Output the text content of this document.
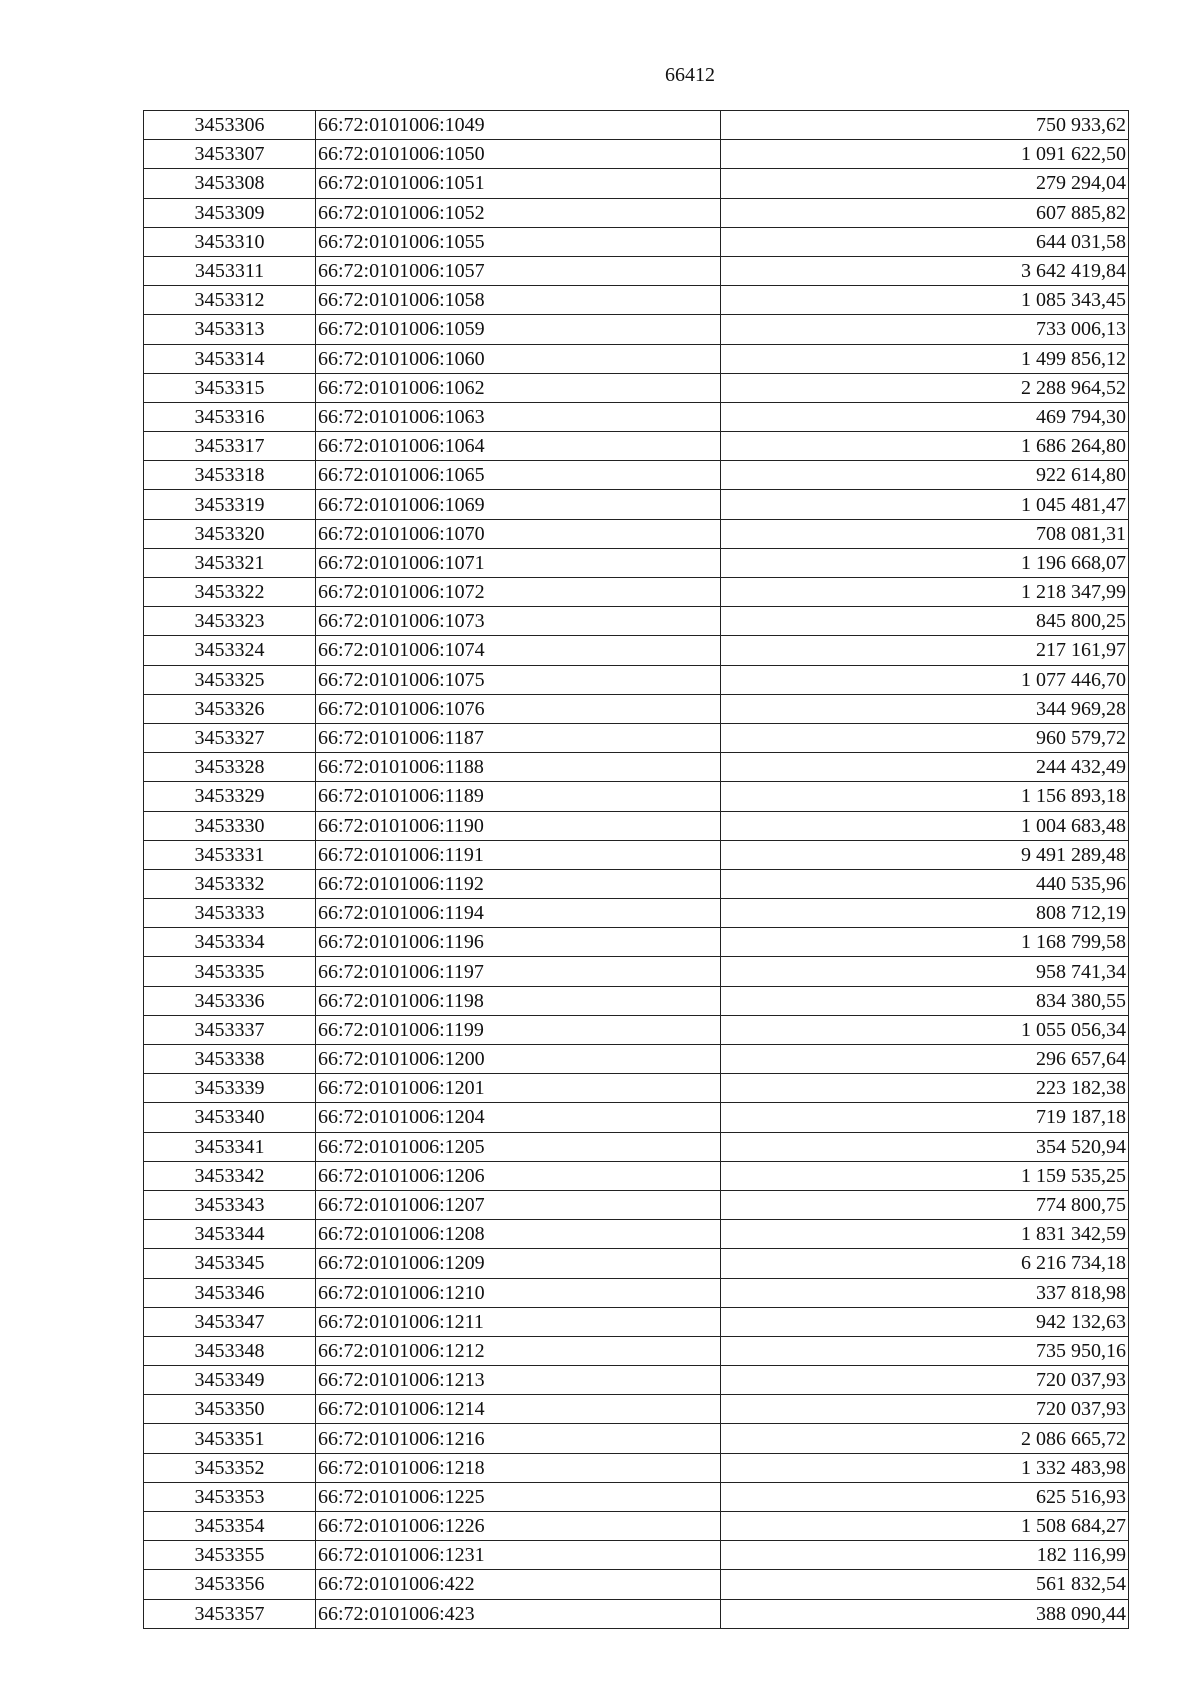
66412
3453306	66:72:0101006:1049	750 933,62
3453307	66:72:0101006:1050	1 091 622,50
3453308	66:72:0101006:1051	279 294,04
3453309	66:72:0101006:1052	607 885,82
3453310	66:72:0101006:1055	644 031,58
3453311	66:72:0101006:1057	3 642 419,84
3453312	66:72:0101006:1058	1 085 343,45
3453313	66:72:0101006:1059	733 006,13
3453314	66:72:0101006:1060	1 499 856,12
3453315	66:72:0101006:1062	2 288 964,52
3453316	66:72:0101006:1063	469 794,30
3453317	66:72:0101006:1064	1 686 264,80
3453318	66:72:0101006:1065	922 614,80
3453319	66:72:0101006:1069	1 045 481,47
3453320	66:72:0101006:1070	708 081,31
3453321	66:72:0101006:1071	1 196 668,07
3453322	66:72:0101006:1072	1 218 347,99
3453323	66:72:0101006:1073	845 800,25
3453324	66:72:0101006:1074	217 161,97
3453325	66:72:0101006:1075	1 077 446,70
3453326	66:72:0101006:1076	344 969,28
3453327	66:72:0101006:1187	960 579,72
3453328	66:72:0101006:1188	244 432,49
3453329	66:72:0101006:1189	1 156 893,18
3453330	66:72:0101006:1190	1 004 683,48
3453331	66:72:0101006:1191	9 491 289,48
3453332	66:72:0101006:1192	440 535,96
3453333	66:72:0101006:1194	808 712,19
3453334	66:72:0101006:1196	1 168 799,58
3453335	66:72:0101006:1197	958 741,34
3453336	66:72:0101006:1198	834 380,55
3453337	66:72:0101006:1199	1 055 056,34
3453338	66:72:0101006:1200	296 657,64
3453339	66:72:0101006:1201	223 182,38
3453340	66:72:0101006:1204	719 187,18
3453341	66:72:0101006:1205	354 520,94
3453342	66:72:0101006:1206	1 159 535,25
3453343	66:72:0101006:1207	774 800,75
3453344	66:72:0101006:1208	1 831 342,59
3453345	66:72:0101006:1209	6 216 734,18
3453346	66:72:0101006:1210	337 818,98
3453347	66:72:0101006:1211	942 132,63
3453348	66:72:0101006:1212	735 950,16
3453349	66:72:0101006:1213	720 037,93
3453350	66:72:0101006:1214	720 037,93
3453351	66:72:0101006:1216	2 086 665,72
3453352	66:72:0101006:1218	1 332 483,98
3453353	66:72:0101006:1225	625 516,93
3453354	66:72:0101006:1226	1 508 684,27
3453355	66:72:0101006:1231	182 116,99
3453356	66:72:0101006:422	561 832,54
3453357	66:72:0101006:423	388 090,44
